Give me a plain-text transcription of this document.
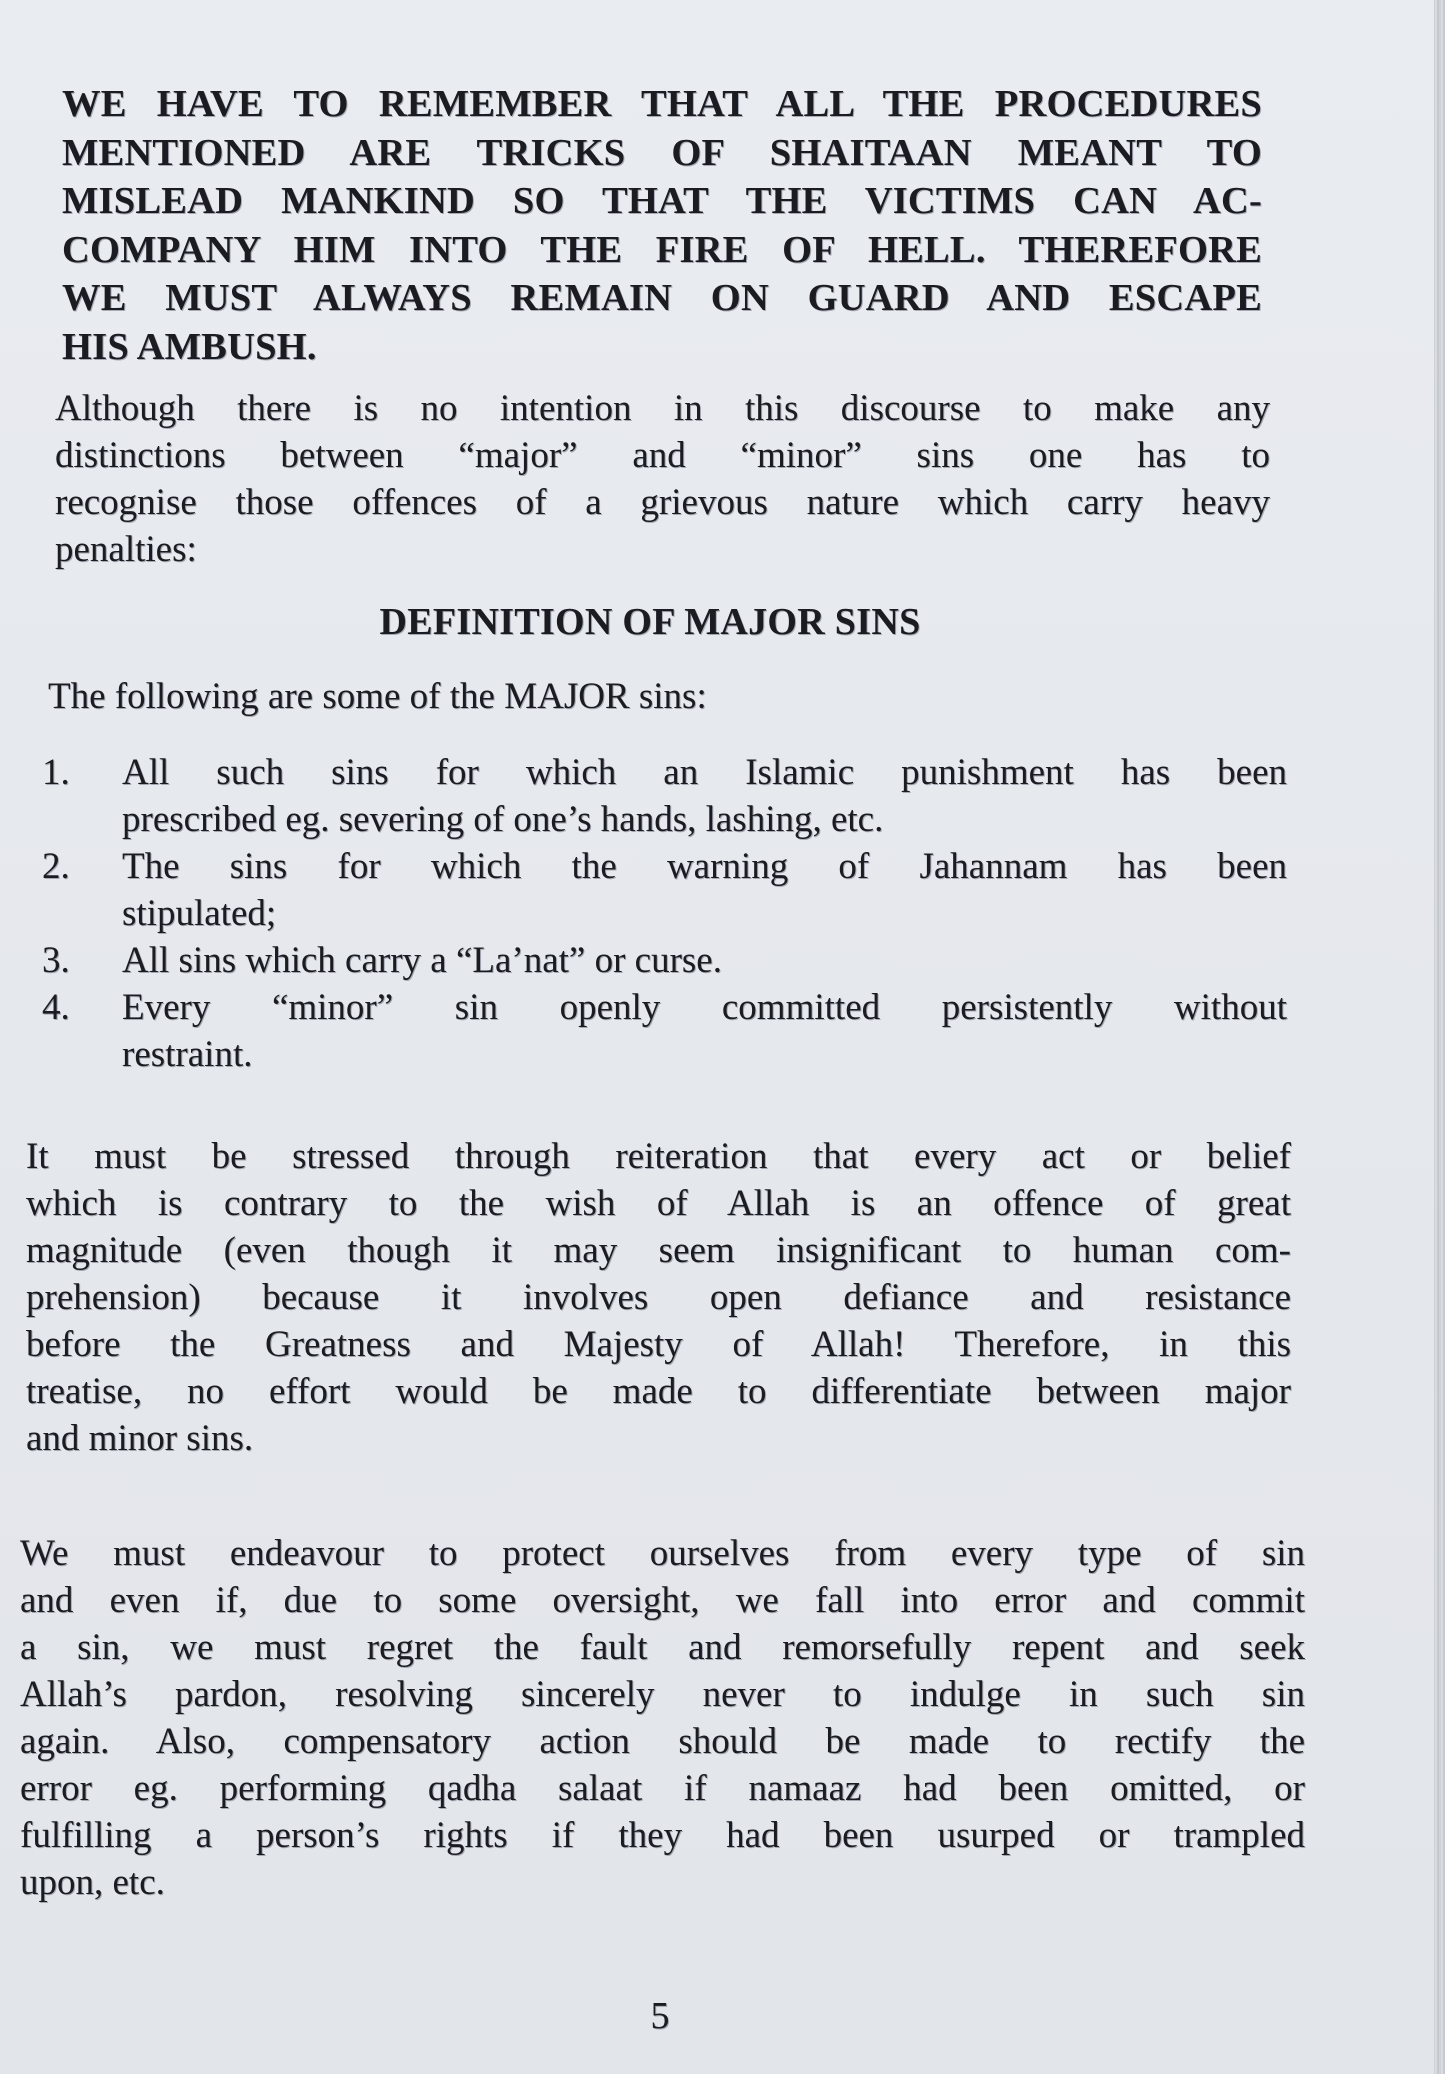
WE HAVE TO REMEMBER THAT ALL THE PROCEDURES
MENTIONED ARE TRICKS OF SHAITAAN MEANT TO
MISLEAD MANKIND SO THAT THE VICTIMS CAN AC-
COMPANY HIM INTO THE FIRE OF HELL. THEREFORE
WE MUST ALWAYS REMAIN ON GUARD AND ESCAPE
HIS AMBUSH.
Although there is no intention in this discourse to make any
distinctions between “major” and “minor” sins one has to
recognise those offences of a grievous nature which carry heavy
penalties:
DEFINITION OF MAJOR SINS
The following are some of the MAJOR sins:
1. All such sins for which an Islamic punishment has been
prescribed eg. severing of one’s hands, lashing, etc.
2. The sins for which the warning of Jahannam has been
stipulated;
3. All sins which carry a “La’nat” or curse.
4. Every “minor” sin openly committed persistently without
restraint.
It must be stressed through reiteration that every act or belief
which is contrary to the wish of Allah is an offence of great
magnitude (even though it may seem insignificant to human com-
prehension) because it involves open defiance and resistance
before the Greatness and Majesty of Allah! Therefore, in this
treatise, no effort would be made to differentiate between major
and minor sins.
We must endeavour to protect ourselves from every type of sin
and even if, due to some oversight, we fall into error and commit
a sin, we must regret the fault and remorsefully repent and seek
Allah’s pardon, resolving sincerely never to indulge in such sin
again. Also, compensatory action should be made to rectify the
error eg. performing qadha salaat if namaaz had been omitted, or
fulfilling a person’s rights if they had been usurped or trampled
upon, etc.
5
